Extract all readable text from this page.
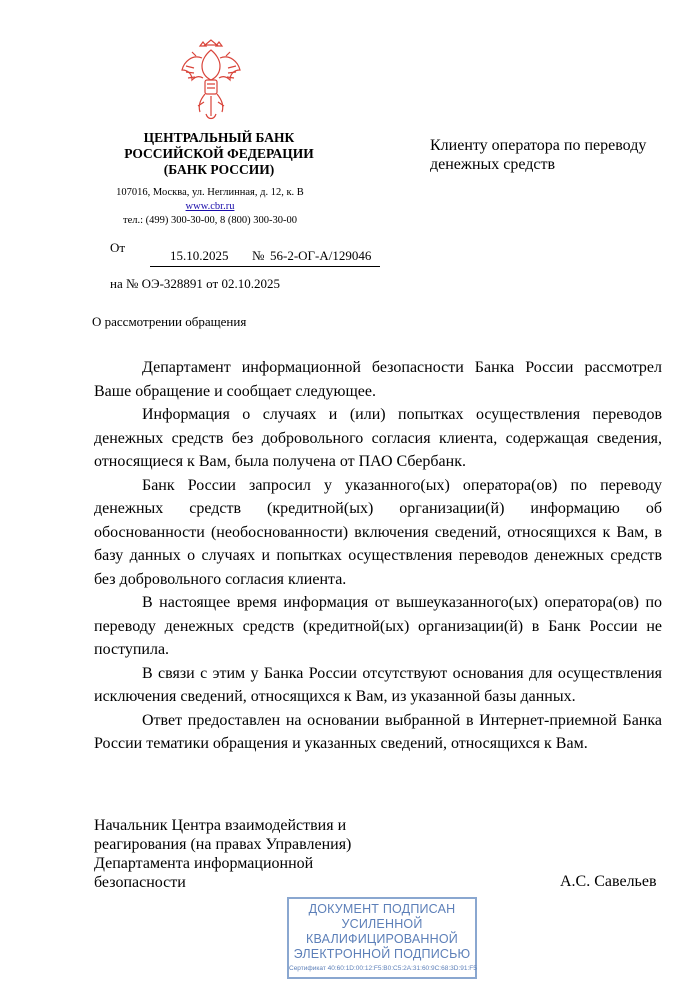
ЦЕНТРАЛЬНЫЙ БАНК
РОССИЙСКОЙ ФЕДЕРАЦИИ
(БАНК РОССИИ)
107016, Москва, ул. Неглинная, д. 12, к. В
www.cbr.ru
тел.: (499) 300-30-00, 8 (800) 300-30-00
Клиенту оператора по переводу денежных средств
От
15.10.2025 № 56-2-ОГ-А/129046
на № ОЭ-328891 от 02.10.2025
О рассмотрении обращения

Департамент информационной безопасности Банка России рассмотрел Ваше обращение и сообщает следующее.

Информация о случаях и (или) попытках осуществления переводов денежных средств без добровольного согласия клиента, содержащая сведения, относящиеся к Вам, была получена от ПАО Сбербанк.

Банк России запросил у указанного(ых) оператора(ов) по переводу денежных средств (кредитной(ых) организации(й) информацию об обоснованности (необоснованности) включения сведений, относящихся к Вам, в базу данных о случаях и попытках осуществления переводов денежных средств без добровольного согласия клиента.

В настоящее время информация от вышеуказанного(ых) оператора(ов) по переводу денежных средств (кредитной(ых) организации(й) в Банк России не поступила.

В связи с этим у Банка России отсутствуют основания для осуществления исключения сведений, относящихся к Вам, из указанной базы данных.

Ответ предоставлен на основании выбранной в Интернет-приемной Банка России тематики обращения и указанных сведений, относящихся к Вам.

Начальник Центра взаимодействия и
реагирования (на правах Управления)
Департамента информационной
безопасности	А.С. Савельев
ДОКУМЕНТ ПОДПИСАН
УСИЛЕННОЙ
КВАЛИФИЦИРОВАННОЙ
ЭЛЕКТРОННОЙ ПОДПИСЬЮ
Сертификат 40:60:1D:00:12:F5:B0:C5:2A:31:60:9C:68:3D:91:F5
